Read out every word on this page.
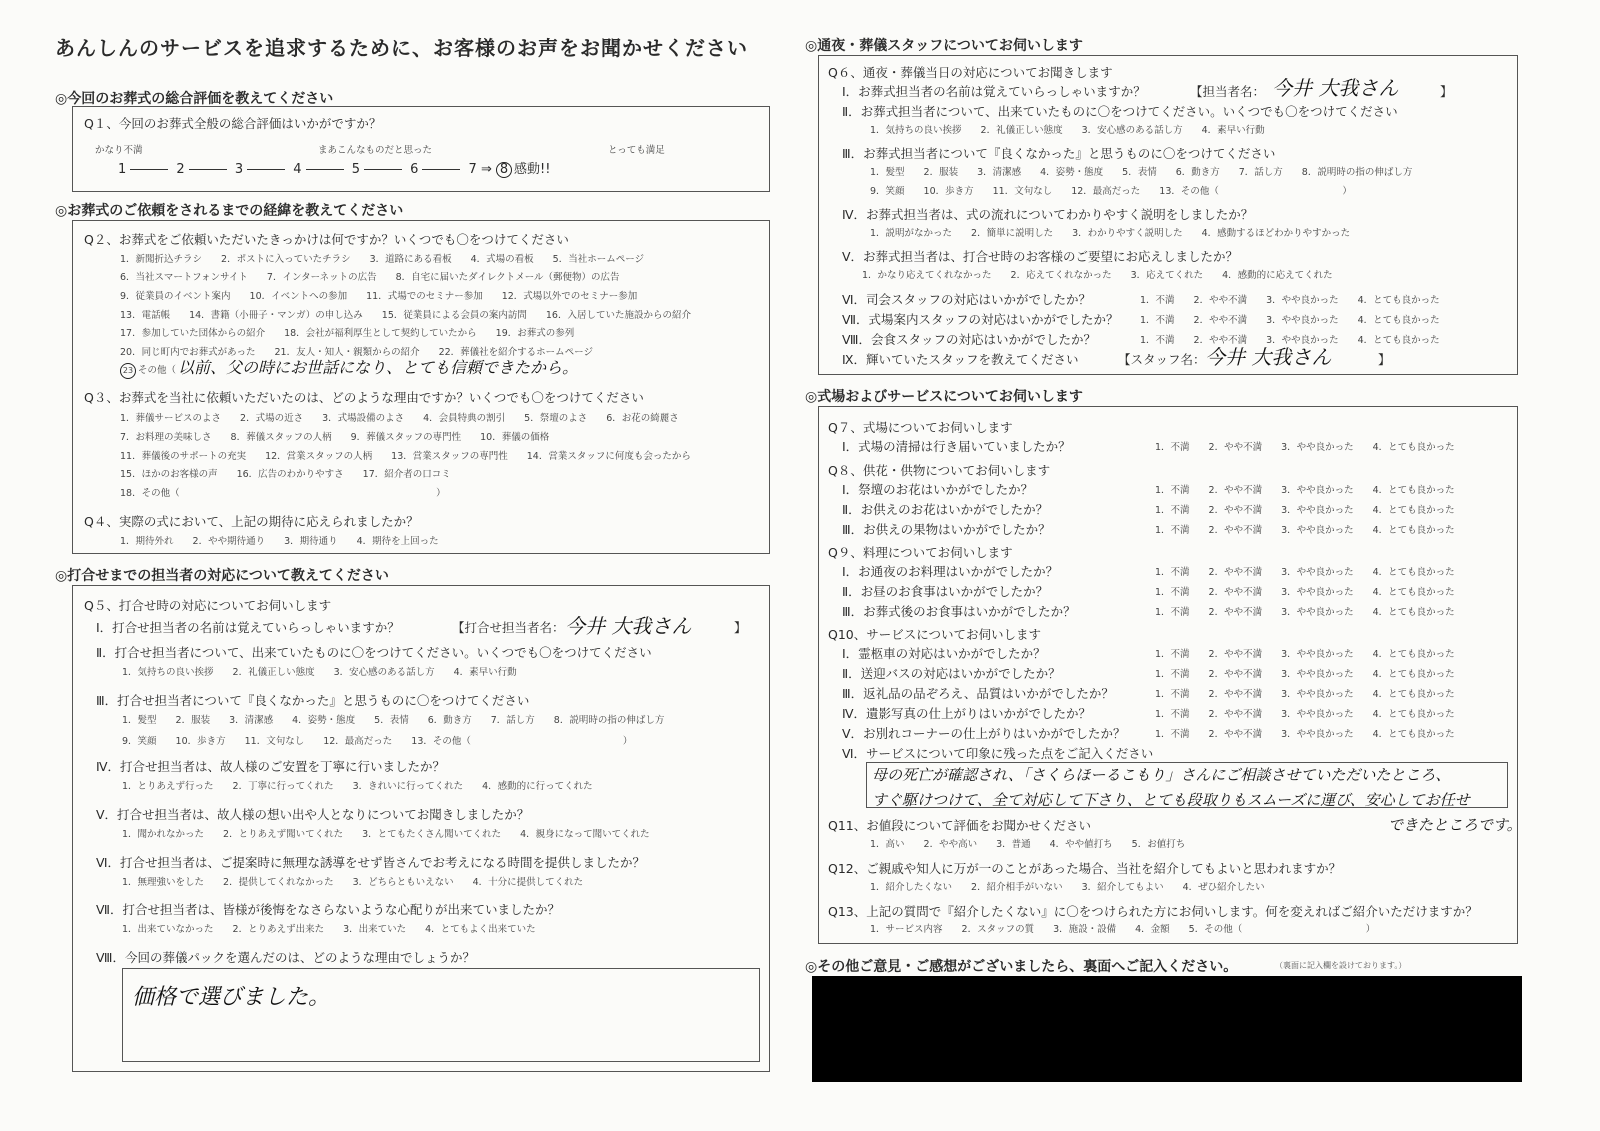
あんしんのサービスを追求するために、お客様のお声をお聞かせください
◎今回のお葬式の総合評価を教えてください
Q１、今回のお葬式全般の総合評価はいかがですか？
かなり不満	まあこんなものだと思った	とっても満足
1	2	3	4	5	6	7 ⇒ 8 感動!!
◎お葬式のご依頼をされるまでの経緯を教えてください
Q２、お葬式をご依頼いただいたきっかけは何ですか？いくつでも〇をつけてください
1．新聞折込チラシ　　2．ポストに入っていたチラシ　　3．道路にある看板　　4．式場の看板　　5．当社ホームページ
6．当社スマートフォンサイト　　7．インターネットの広告　　8．自宅に届いたダイレクトメール（郵便物）の広告
9．従業員のイベント案内　　10．イベントへの参加　　11．式場でのセミナー参加　　12．式場以外でのセミナー参加
13．電話帳　　14．書籍（小冊子・マンガ）の申し込み　　15．従業員による会員の案内訪問　　16．入居していた施設からの紹介
17．参加していた団体からの紹介　　18．会社が福利厚生として契約していたから　　19．お葬式の参列
20．同じ町内でお葬式があった　　21．友人・知人・親類からの紹介　　22．葬儀社を紹介するホームページ
23 その他（ 以前、父の時にお世話になり、とても信頼できたから。
Q３、お葬式を当社に依頼いただいたのは、どのような理由ですか？いくつでも〇をつけてください
1．葬儀サービスのよさ　　2．式場の近さ　　3．式場設備のよさ　　4．会員特典の割引　　5．祭壇のよさ　　6．お花の綺麗さ
7．お料理の美味しさ　　8．葬儀スタッフの人柄　　9．葬儀スタッフの専門性　　10．葬儀の価格
11．葬儀後のサポートの充実　　12．営業スタッフの人柄　　13．営業スタッフの専門性　　14．営業スタッフに何度も会ったから
15．ほかのお客様の声　　16．広告のわかりやすさ　　17．紹介者の口コミ
18．その他（　　　　　　　　　　　　　　　　　　　　　　　　　　　）
Q４、実際の式において、上記の期待に応えられましたか？
1．期待外れ　　2．やや期待通り　　3．期待通り　　4．期待を上回った
◎打合せまでの担当者の対応について教えてください
Q５、打合せ時の対応についてお伺いします
Ⅰ．打合せ担当者の名前は覚えていらっしゃいますか？	【打合せ担当者名： 今井 大我さん	】
Ⅱ．打合せ担当者について、出来ていたものに〇をつけてください。いくつでも〇をつけてください
1．気持ちの良い挨拶　　2．礼儀正しい態度　　3．安心感のある話し方　　4．素早い行動
Ⅲ．打合せ担当者について『良くなかった』と思うものに〇をつけてください
1．髪型　　2．服装　　3．清潔感　　4．姿勢・態度　　5．表情　　6．動き方　　7．話し方　　8．説明時の指の伸ばし方
9．笑顔　　10．歩き方　　11．文句なし　　12．最高だった　　13．その他（　　　　　　　　　　　　　　　　）
Ⅳ．打合せ担当者は、故人様のご安置を丁寧に行いましたか？
1．とりあえず行った　　2．丁寧に行ってくれた　　3．きれいに行ってくれた　　4．感動的に行ってくれた
Ⅴ．打合せ担当者は、故人様の想い出や人となりについてお聞きしましたか？
1．聞かれなかった　　2．とりあえず聞いてくれた　　3．とてもたくさん聞いてくれた　　4．親身になって聞いてくれた
Ⅵ．打合せ担当者は、ご提案時に無理な誘導をせず皆さんでお考えになる時間を提供しましたか？
1．無理強いをした　　2．提供してくれなかった　　3．どちらともいえない　　4．十分に提供してくれた
Ⅶ．打合せ担当者は、皆様が後悔をなさらないような心配りが出来ていましたか？
1．出来ていなかった　　2．とりあえず出来た　　3．出来ていた　　4．とてもよく出来ていた
Ⅷ．今回の葬儀パックを選んだのは、どのような理由でしょうか？
価格で選びました。
◎通夜・葬儀スタッフについてお伺いします
Q６、通夜・葬儀当日の対応についてお聞きします
Ⅰ．お葬式担当者の名前は覚えていらっしゃいますか？	【担当者名： 今井 大我さん	】
Ⅱ．お葬式担当者について、出来ていたものに〇をつけてください。いくつでも〇をつけてください
1．気持ちの良い挨拶　　2．礼儀正しい態度　　3．安心感のある話し方　　4．素早い行動
Ⅲ．お葬式担当者について『良くなかった』と思うものに〇をつけてください
1．髪型　　2．服装　　3．清潔感　　4．姿勢・態度　　5．表情　　6．動き方　　7．話し方　　8．説明時の指の伸ばし方
9．笑顔　　10．歩き方　　11．文句なし　　12．最高だった　　13．その他（　　　　　　　　　　　　　）
Ⅳ．お葬式担当者は、式の流れについてわかりやすく説明をしましたか？
1．説明がなかった　　2．簡単に説明した　　3．わかりやすく説明した　　4．感動するほどわかりやすかった
Ⅴ．お葬式担当者は、打合せ時のお客様のご要望にお応えしましたか？
1．かなり応えてくれなかった　　2．応えてくれなかった　　3．応えてくれた　　4．感動的に応えてくれた
Ⅵ．司会スタッフの対応はいかがでしたか？	1．不満　　2．やや不満　　3．やや良かった　　4．とても良かった
Ⅶ．式場案内スタッフの対応はいかがでしたか？ 1．不満　　2．やや不満　　3．やや良かった　　4．とても良かった
Ⅷ．会食スタッフの対応はいかがでしたか？	1．不満　　2．やや不満　　3．やや良かった　　4．とても良かった
Ⅸ．輝いていたスタッフを教えてください	【スタッフ名： 今井 大我さん	】
◎式場およびサービスについてお伺いします
Q７、式場についてお伺いします
Ⅰ．式場の清掃は行き届いていましたか？	1．不満　　2．やや不満　　3．やや良かった　　4．とても良かった
Q８、供花・供物についてお伺いします
Ⅰ．祭壇のお花はいかがでしたか？	1．不満　　2．やや不満　　3．やや良かった　　4．とても良かった
Ⅱ．お供えのお花はいかがでしたか？	1．不満　　2．やや不満　　3．やや良かった　　4．とても良かった
Ⅲ．お供えの果物はいかがでしたか？	1．不満　　2．やや不満　　3．やや良かった　　4．とても良かった
Q９、料理についてお伺いします
Ⅰ．お通夜のお料理はいかがでしたか？	1．不満　　2．やや不満　　3．やや良かった　　4．とても良かった
Ⅱ．お昼のお食事はいかがでしたか？	1．不満　　2．やや不満　　3．やや良かった　　4．とても良かった
Ⅲ．お葬式後のお食事はいかがでしたか？	1．不満　　2．やや不満　　3．やや良かった　　4．とても良かった
Q10、サービスについてお伺いします
Ⅰ．霊柩車の対応はいかがでしたか？	1．不満　　2．やや不満　　3．やや良かった　　4．とても良かった
Ⅱ．送迎バスの対応はいかがでしたか？	1．不満　　2．やや不満　　3．やや良かった　　4．とても良かった
Ⅲ．返礼品の品ぞろえ、品質はいかがでしたか？	1．不満　　2．やや不満　　3．やや良かった　　4．とても良かった
Ⅳ．遺影写真の仕上がりはいかがでしたか？	1．不満　　2．やや不満　　3．やや良かった　　4．とても良かった
Ⅴ．お別れコーナーの仕上がりはいかがでしたか？	1．不満　　2．やや不満　　3．やや良かった　　4．とても良かった
Ⅵ．サービスについて印象に残った点をご記入ください
母の死亡が確認され、「さくらほーるこもり」さんにご相談させていただいたところ、
すぐ駆けつけて、全て対応して下さり、とても段取りもスムーズに運び、安心してお任せ
できたところです。
Q11、お値段について評価をお聞かせください
1．高い　　2．やや高い　　3．普通　　4．やや値打ち　　5．お値打ち
Q12、ご親戚や知人に万が一のことがあった場合、当社を紹介してもよいと思われますか？
1．紹介したくない　　2．紹介相手がいない　　3．紹介してもよい　　4．ぜひ紹介したい
Q13、上記の質問で『紹介したくない』に〇をつけられた方にお伺いします。何を変えればご紹介いただけますか？
1．サービス内容　　2．スタッフの質　　3．施設・設備　　4．金額　　5．その他（　　　　　　　　　　　　　）
◎その他ご意見・ご感想がございましたら、裏面へご記入ください。	（裏面に記入欄を設けております。）
